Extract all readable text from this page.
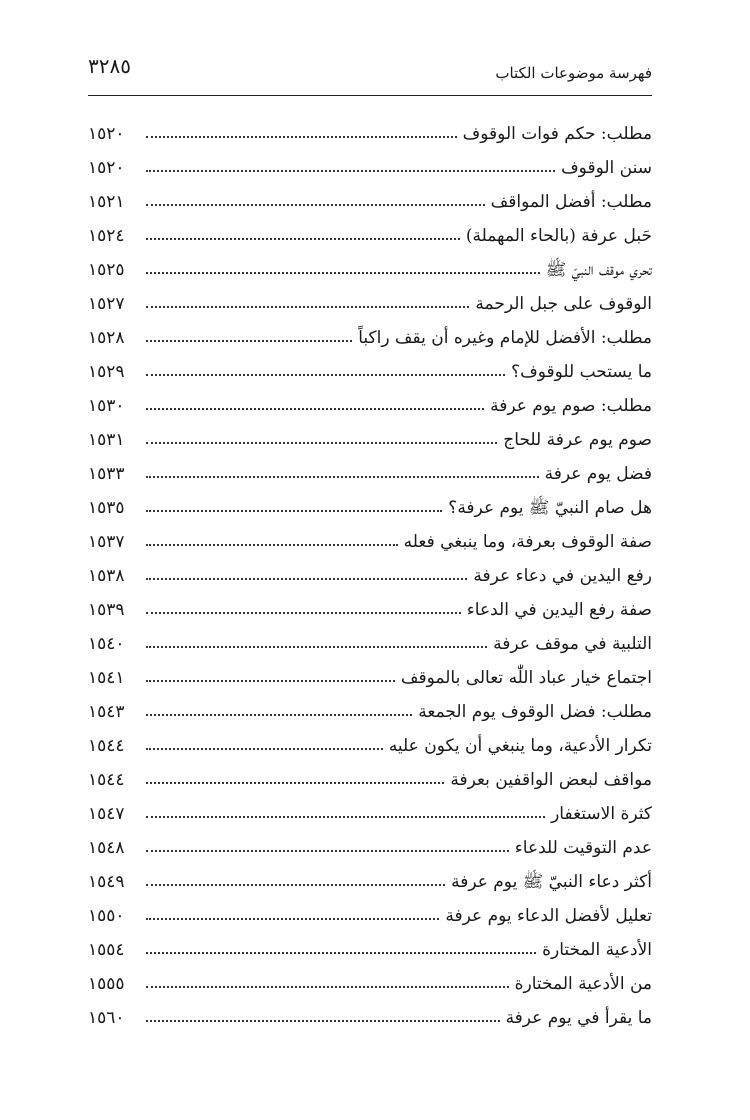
فهرسة موضوعات الكتاب
٣٢٨٥
مطلب: حكم فوات الوقوف
١٥٢٠
سنن الوقوف
١٥٢٠
مطلب: أفضل المواقف
١٥٢١
حَبل عرفة (بالحاء المهملة)
١٥٢٤
تحري موقف النبيّ ﷺ
١٥٢٥
الوقوف على جبل الرحمة
١٥٢٧
مطلب: الأفضل للإمام وغيره أن يقف راكباً
١٥٢٨
ما يستحب للوقوف؟
١٥٢٩
مطلب: صوم يوم عرفة
١٥٣٠
صوم يوم عرفة للحاج
١٥٣١
فضل يوم عرفة
١٥٣٣
هل صام النبيّ ﷺ يوم عرفة؟
١٥٣٥
صفة الوقوف بعرفة، وما ينبغي فعله
١٥٣٧
رفع اليدين في دعاء عرفة
١٥٣٨
صفة رفع اليدين في الدعاء
١٥٣٩
التلبية في موقف عرفة
١٥٤٠
اجتماع خيار عباد اللّٰه تعالى بالموقف
١٥٤١
مطلب: فضل الوقوف يوم الجمعة
١٥٤٣
تكرار الأدعية، وما ينبغي أن يكون عليه
١٥٤٤
مواقف لبعض الواقفين بعرفة
١٥٤٤
كثرة الاستغفار
١٥٤٧
عدم التوقيت للدعاء
١٥٤٨
أكثر دعاء النبيّ ﷺ يوم عرفة
١٥٤٩
تعليل لأفضل الدعاء يوم عرفة
١٥٥٠
الأدعية المختارة
١٥٥٤
من الأدعية المختارة
١٥٥٥
ما يقرأ في يوم عرفة
١٥٦٠
